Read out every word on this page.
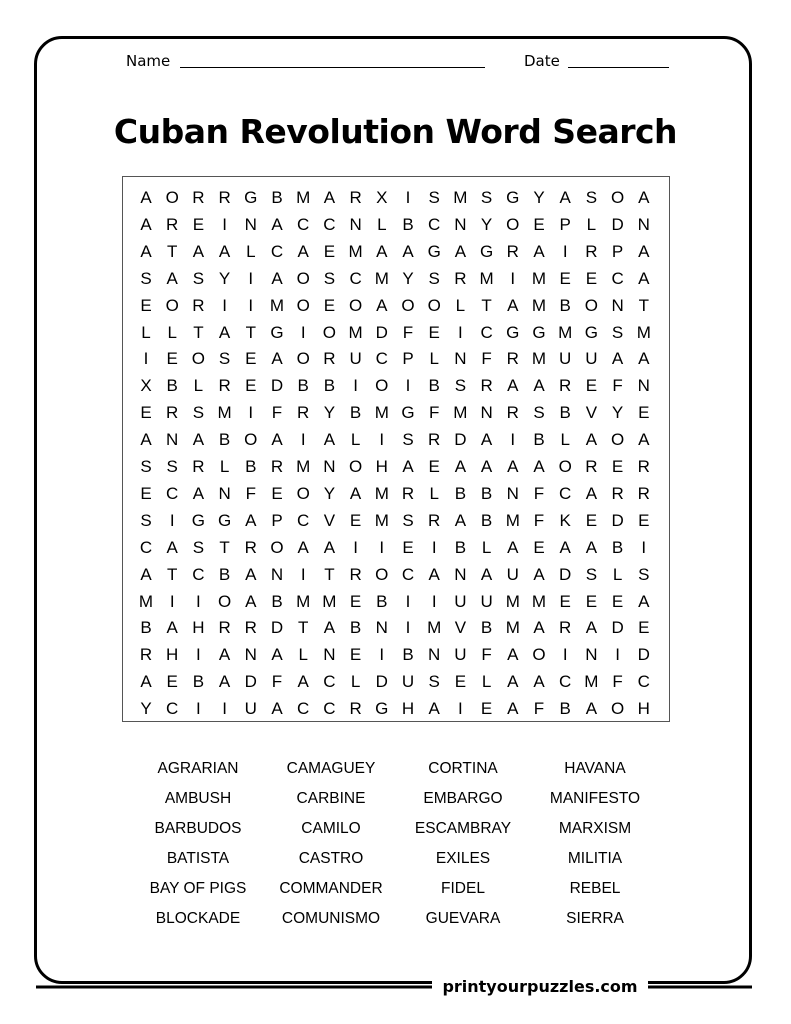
Name	Date
Cuban Revolution Word Search
A O R R G B M A R X	I	S M S G Y A S O A
A R E	I	N A C C N L B C N Y O E P L D N
A T A A L C A E M A A G A G R A	I	R P A
S A S Y	I	A O S C M Y S R M I M E E C A
E O R	I	I M O E O A O O L T A M B O N T
L L T A T G	I	O M D F E	I	C G G M G S M
I	E O S E A O R U C P L N F R M U U A A
X B L R E D B B	I	O	I	B S R A A R E F N
E R S M I	F R Y B M G F M N R S B V Y E
A N A B O A	I	A L	I	S R D A	I	B L A O A
S S R L B R M N O H A E A A A A O R E R
E C A N F E O Y A M R L B B N F C A R R
S	I	G G A P C V E M S R A B M F K E D E
C A S T R O A A	I	I	E	I	B L A E A A B	I
A T C B A N	I	T R O C A N A U A D S L S
M I	I	O A B M M E B	I	I	U U M M E E E A
B A H R R D T A B N	I M V B M A R A D E
R H	I	A N A L N E	I	B N U F A O	I	N	I	D
A E B A D F A C L D U S E L A A C M F C
Y C	I	I	U A C C R G H A	I	E A F B A O H
AGRARIAN
AMBUSH
BARBUDOS
BATISTA
BAY OF PIGS
BLOCKADE
CAMAGUEY
CARBINE
CAMILO
CASTRO
COMMANDER
COMUNISMO
CORTINA
EMBARGO
ESCAMBRAY
EXILES
FIDEL
GUEVARA
HAVANA
MANIFESTO
MARXISM
MILITIA
REBEL
SIERRA
printyourpuzzles.com
